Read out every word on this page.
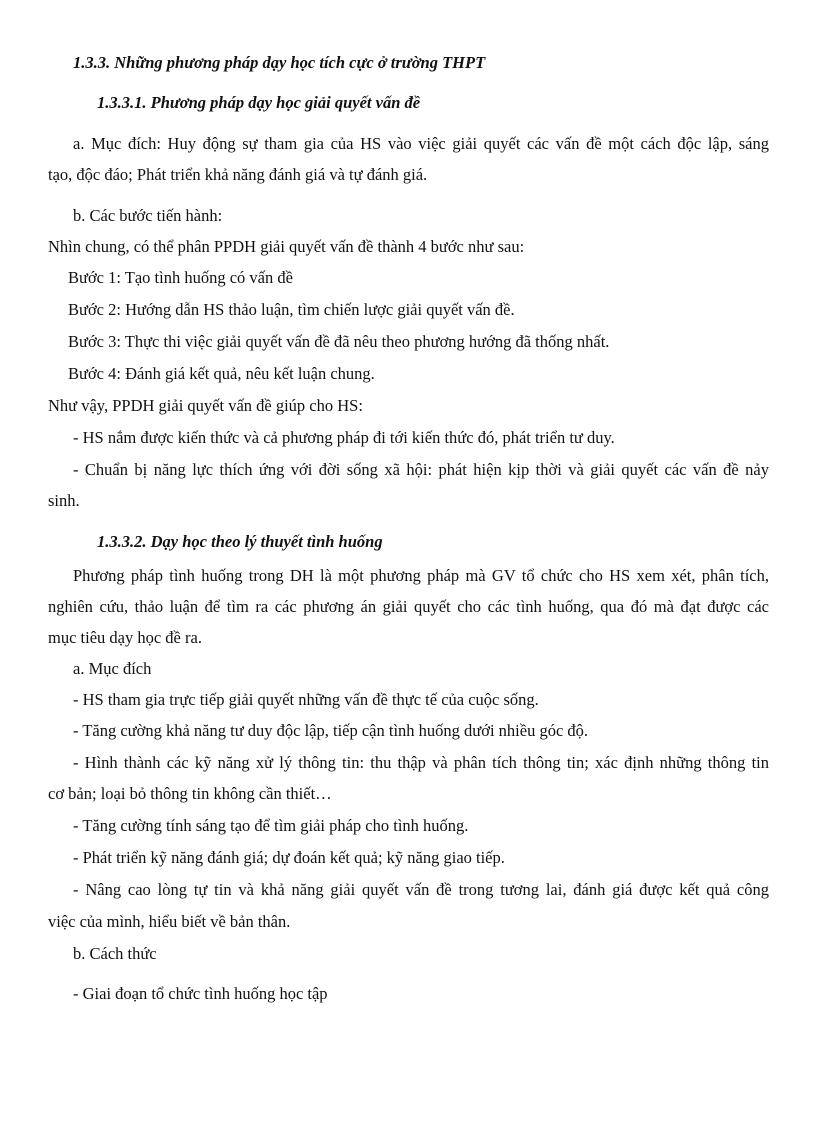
1.3.3. Những phương pháp dạy học tích cực ở trường THPT
1.3.3.1. Phương pháp dạy học giải quyết vấn đề
a. Mục đích: Huy động sự tham gia của HS vào việc giải quyết các vấn đề một cách độc lập, sáng
tạo, độc đáo; Phát triển khả năng đánh giá và tự đánh giá.
b. Các bước tiến hành:
Nhìn chung, có thể phân PPDH giải quyết vấn đề thành 4 bước như sau:
Bước 1: Tạo tình huống có vấn đề
Bước 2: Hướng dẫn HS thảo luận, tìm chiến lược giải quyết vấn đề.
Bước 3: Thực thi việc giải quyết vấn đề đã nêu theo phương hướng đã thống nhất.
Bước 4: Đánh giá kết quả, nêu kết luận chung.
Như vậy, PPDH giải quyết vấn đề giúp cho HS:
- HS nắm được kiến thức và cả phương pháp đi tới kiến thức đó, phát triển tư duy.
- Chuẩn bị năng lực thích ứng với đời sống xã hội: phát hiện kịp thời và giải quyết các vấn đề nảy
sinh.
1.3.3.2. Dạy học theo lý thuyết tình huống
Phương pháp tình huống trong DH là một phương pháp mà GV tổ chức cho HS xem xét, phân tích,
nghiên cứu, thảo luận để tìm ra các phương án giải quyết cho các tình huống, qua đó mà đạt được các
mục tiêu dạy học đề ra.
a. Mục đích
- HS tham gia trực tiếp giải quyết những vấn đề thực tế của cuộc sống.
- Tăng cường khả năng tư duy độc lập, tiếp cận tình huống dưới nhiều góc độ.
- Hình thành các kỹ năng xử lý thông tin: thu thập và phân tích thông tin; xác định những thông tin
cơ bản; loại bỏ thông tin không cần thiết…
- Tăng cường tính sáng tạo để tìm giải pháp cho tình huống.
- Phát triển kỹ năng đánh giá; dự đoán kết quả; kỹ năng giao tiếp.
- Nâng cao lòng tự tin và khả năng giải quyết vấn đề trong tương lai, đánh giá được kết quả công
việc của mình, hiểu biết về bản thân.
b. Cách thức
- Giai đoạn tổ chức tình huống học tập
